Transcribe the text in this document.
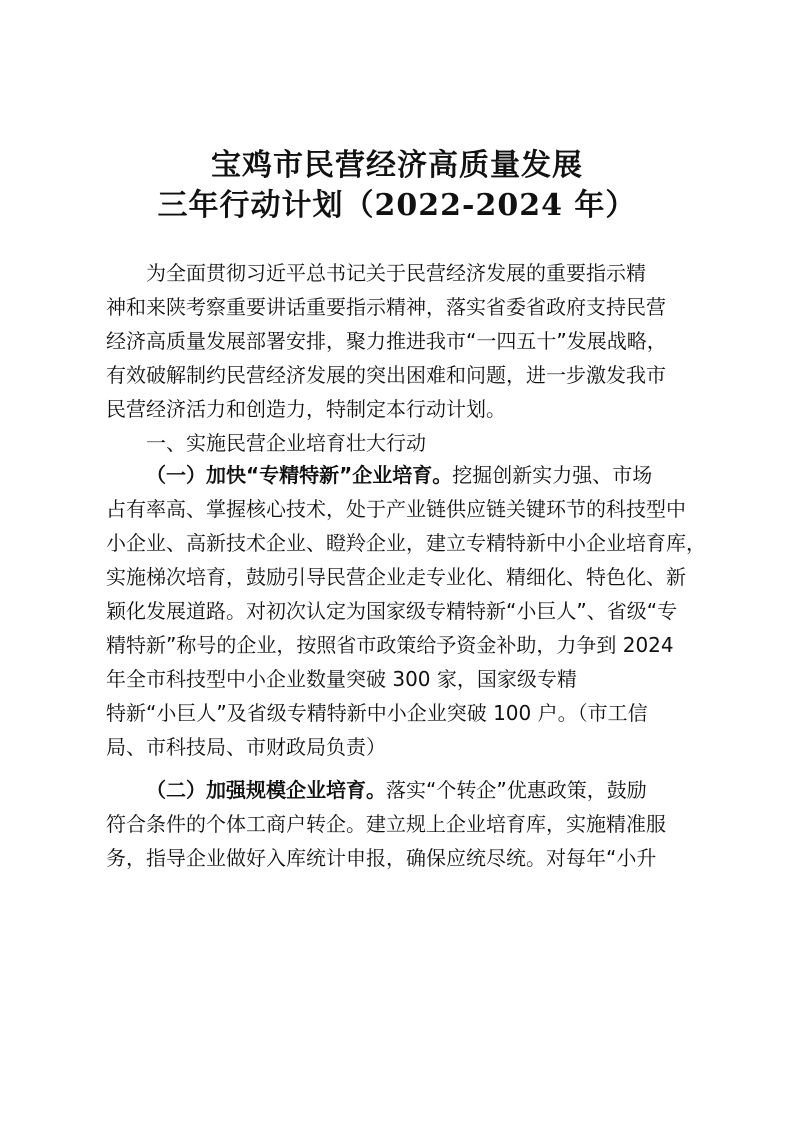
宝鸡市民营经济高质量发展
三年行动计划（2022-2024 年）
为全面贯彻习近平总书记关于民营经济发展的重要指示精
神和来陕考察重要讲话重要指示精神，落实省委省政府支持民营
经济高质量发展部署安排，聚力推进我市“一四五十”发展战略，
有效破解制约民营经济发展的突出困难和问题，进一步激发我市
民营经济活力和创造力，特制定本行动计划。
一、实施民营企业培育壮大行动
（一）加快“专精特新”企业培育。挖掘创新实力强、市场
占有率高、掌握核心技术，处于产业链供应链关键环节的科技型中
小企业、高新技术企业、瞪羚企业，建立专精特新中小企业培育库，
实施梯次培育，鼓励引导民营企业走专业化、精细化、特色化、新
颖化发展道路。对初次认定为国家级专精特新“小巨人”、省级“专
精特新”称号的企业，按照省市政策给予资金补助，力争到 2024
年全市科技型中小企业数量突破 300 家，国家级专精
特新“小巨人”及省级专精特新中小企业突破 100 户。（市工信
局、市科技局、市财政局负责）
（二）加强规模企业培育。落实“个转企”优惠政策，鼓励
符合条件的个体工商户转企。建立规上企业培育库，实施精准服
务，指导企业做好入库统计申报，确保应统尽统。对每年“小升
